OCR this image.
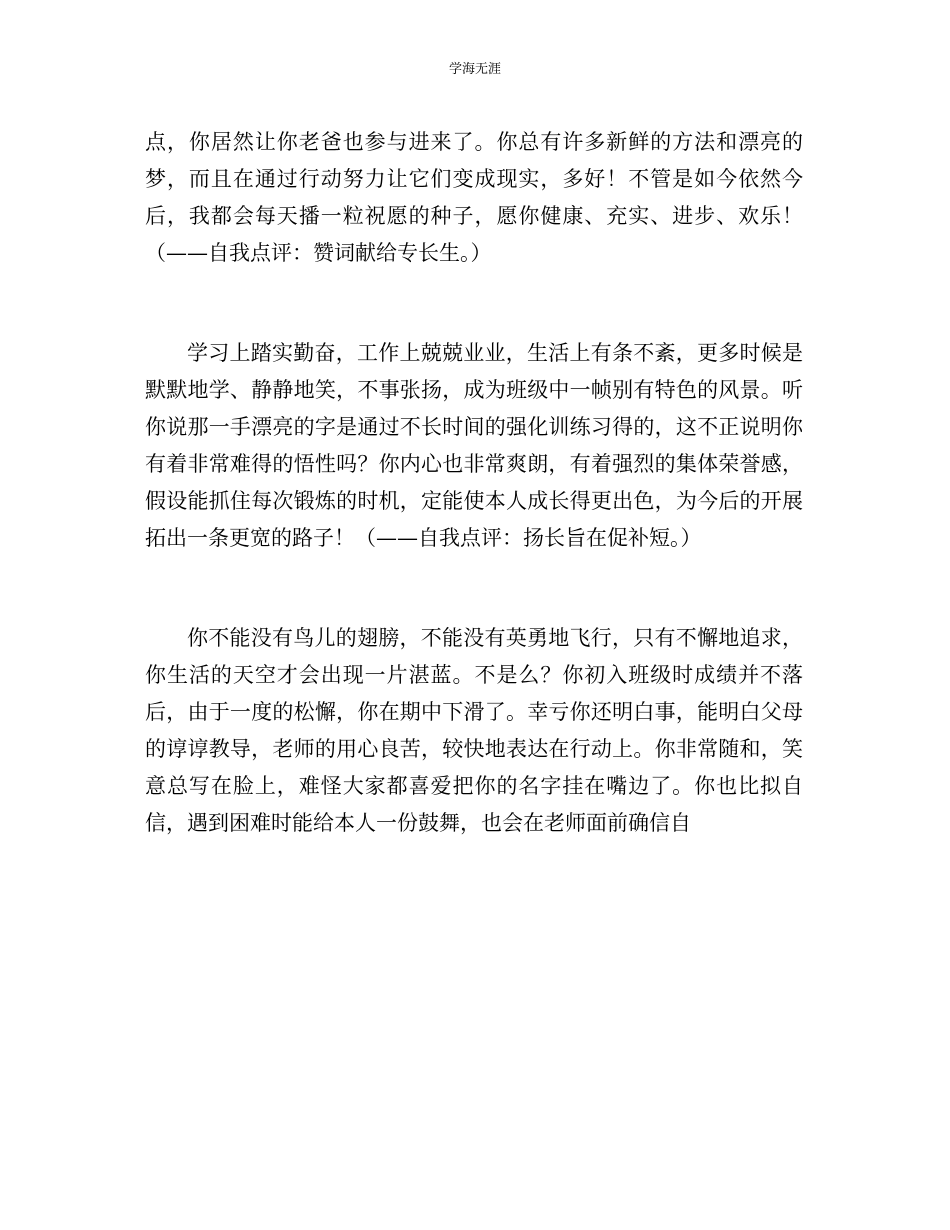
学海无涯

点，你居然让你老爸也参与进来了。你总有许多新鲜的方法和漂亮的梦，而且在通过行动努力让它们变成现实，多好！不管是如今依然今后，我都会每天播一粒祝愿的种子，愿你健康、充实、进步、欢乐！（——自我点评：赞词献给专长生。）

学习上踏实勤奋，工作上兢兢业业，生活上有条不紊，更多时候是默默地学、静静地笑，不事张扬，成为班级中一帧别有特色的风景。听你说那一手漂亮的字是通过不长时间的强化训练习得的，这不正说明你有着非常难得的悟性吗？你内心也非常爽朗，有着强烈的集体荣誉感，假设能抓住每次锻炼的时机，定能使本人成长得更出色，为今后的开展拓出一条更宽的路子！（——自我点评：扬长旨在促补短。）

你不能没有鸟儿的翅膀，不能没有英勇地飞行，只有不懈地追求，你生活的天空才会出现一片湛蓝。不是么？你初入班级时成绩并不落后，由于一度的松懈，你在期中下滑了。幸亏你还明白事，能明白父母的谆谆教导，老师的用心良苦，较快地表达在行动上。你非常随和，笑意总写在脸上，难怪大家都喜爱把你的名字挂在嘴边了。你也比拟自信，遇到困难时能给本人一份鼓舞，也会在老师面前确信自
